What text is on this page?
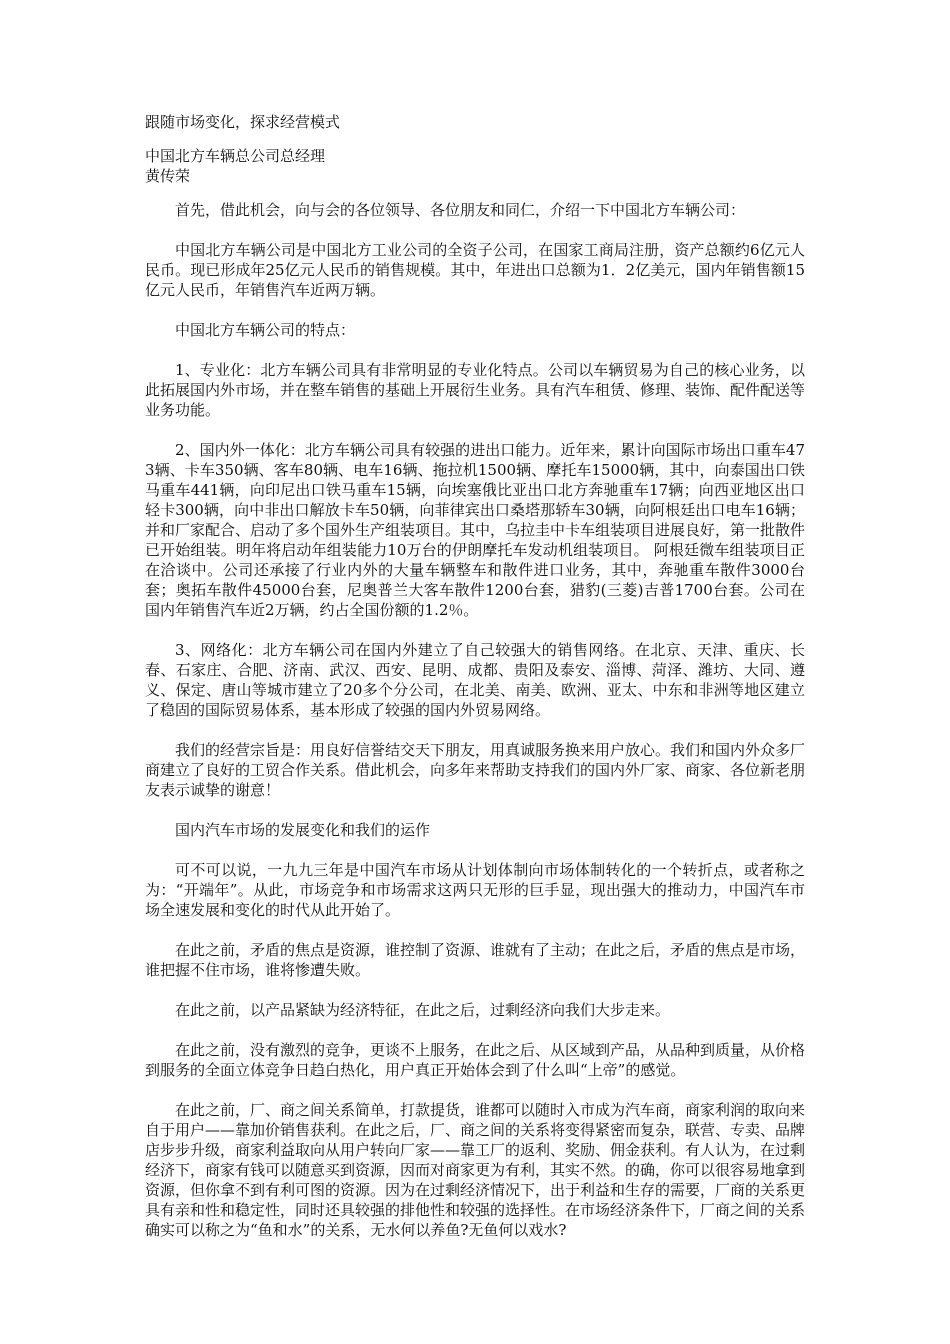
跟随市场变化，探求经营模式
中国北方车辆总公司总经理
黄传荣

首先，借此机会，向与会的各位领导、各位朋友和同仁，介绍一下中国北方车辆公司：

中国北方车辆公司是中国北方工业公司的全资子公司，在国家工商局注册，资产总额约6亿元人民币。现已形成年25亿元人民币的销售规模。其中，年进出口总额为1．2亿美元，国内年销售额15亿元人民币，年销售汽车近两万辆。

中国北方车辆公司的特点：

1、专业化：北方车辆公司具有非常明显的专业化特点。公司以车辆贸易为自己的核心业务，以此拓展国内外市场，并在整车销售的基础上开展衍生业务。具有汽车租赁、修理、装饰、配件配送等业务功能。

2、国内外一体化：北方车辆公司具有较强的进出口能力。近年来，累计向国际市场出口重车473辆、卡车350辆、客车80辆、电车16辆、拖拉机1500辆、摩托车15000辆，其中，向泰国出口铁马重车441辆，向印尼出口铁马重车15辆，向埃塞俄比亚出口北方奔驰重车17辆；向西亚地区出口轻卡300辆，向中非出口解放卡车50辆，向菲律宾出口桑塔那轿车30辆，向阿根廷出口电车16辆；并和厂家配合、启动了多个国外生产组装项目。其中，乌拉圭中卡车组装项目进展良好，第一批散件已开始组装。明年将启动年组装能力10万台的伊朗摩托车发动机组装项目。 阿根廷微车组装项目正在洽谈中。公司还承接了行业内外的大量车辆整车和散件进口业务，其中，奔驰重车散件3000台套；奥拓车散件45000台套，尼奥普兰大客车散件1200台套，猎豹(三菱)吉普1700台套。公司在国内年销售汽车近2万辆，约占全国份额的1.2％。

3、网络化：北方车辆公司在国内外建立了自己较强大的销售网络。在北京、天津、重庆、长春、石家庄、合肥、济南、武汉、西安、昆明、成都、贵阳及泰安、淄博、菏泽、潍坊、大同、遵义、保定、唐山等城市建立了20多个分公司，在北美、南美、欧洲、亚太、中东和非洲等地区建立了稳固的国际贸易体系，基本形成了较强的国内外贸易网络。

我们的经营宗旨是：用良好信誉结交天下朋友，用真诚服务换来用户放心。我们和国内外众多厂商建立了良好的工贸合作关系。借此机会，向多年来帮助支持我们的国内外厂家、商家、各位新老朋友表示诚挚的谢意！

国内汽车市场的发展变化和我们的运作

可不可以说，一九九三年是中国汽车市场从计划体制向市场体制转化的一个转折点，或者称之为：“开端年”。从此，市场竞争和市场需求这两只无形的巨手显，现出强大的推动力，中国汽车市场全速发展和变化的时代从此开始了。

在此之前，矛盾的焦点是资源，谁控制了资源、谁就有了主动；在此之后，矛盾的焦点是市场，谁把握不住市场，谁将惨遭失败。

在此之前，以产品紧缺为经济特征，在此之后，过剩经济向我们大步走来。

在此之前，没有激烈的竞争，更谈不上服务，在此之后、从区域到产品，从品种到质量，从价格到服务的全面立体竞争日趋白热化，用户真正开始体会到了什么叫“上帝”的感觉。

在此之前，厂、商之间关系简单，打款提货，谁都可以随时入市成为汽车商，商家利润的取向来自于用户——靠加价销售获利。在此之后，厂、商之间的关系将变得紧密而复杂，联营、专卖、品牌店步步升级，商家利益取向从用户转向厂家——靠工厂的返利、奖励、佣金获利。有人认为，在过剩经济下，商家有钱可以随意买到资源，因而对商家更为有利，其实不然。的确，你可以很容易地拿到资源，但你拿不到有利可图的资源。因为在过剩经济情况下，出于利益和生存的需要，厂商的关系更具有亲和性和稳定性，同时还具较强的排他性和较强的选择性。在市场经济条件下，厂商之间的关系确实可以称之为“鱼和水”的关系，无水何以养鱼?无鱼何以戏水?
